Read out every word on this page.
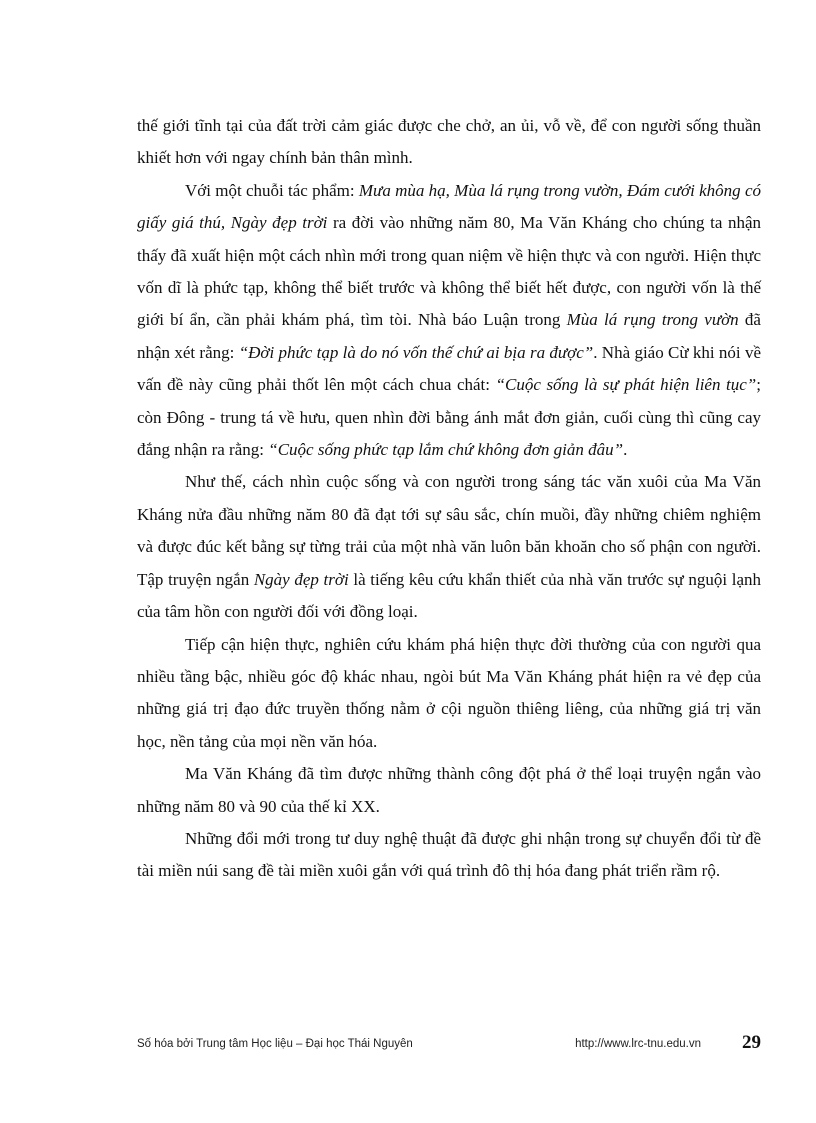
thế giới tĩnh tại của đất trời cảm giác được che chở, an ủi, vỗ về, để con người sống thuần khiết hơn với ngay chính bản thân mình.

Với một chuỗi tác phẩm: Mưa mùa hạ, Mùa lá rụng trong vườn, Đám cưới không có giấy giá thú, Ngày đẹp trời ra đời vào những năm 80, Ma Văn Kháng cho chúng ta nhận thấy đã xuất hiện một cách nhìn mới trong quan niệm về hiện thực và con người. Hiện thực vốn dĩ là phức tạp, không thể biết trước và không thể biết hết được, con người vốn là thế giới bí ẩn, cần phải khám phá, tìm tòi. Nhà báo Luận trong Mùa lá rụng trong vườn đã nhận xét rằng: “Đời phức tạp là do nó vốn thế chứ ai bịa ra được”. Nhà giáo Cừ khi nói về vấn đề này cũng phải thốt lên một cách chua chát: “Cuộc sống là sự phát hiện liên tục”; còn Đông - trung tá về hưu, quen nhìn đời bằng ánh mắt đơn giản, cuối cùng thì cũng cay đắng nhận ra rằng: “Cuộc sống phức tạp lắm chứ không đơn giản đâu”.

Như thế, cách nhìn cuộc sống và con người trong sáng tác văn xuôi của Ma Văn Kháng nửa đầu những năm 80 đã đạt tới sự sâu sắc, chín muồi, đầy những chiêm nghiệm và được đúc kết bằng sự từng trải của một nhà văn luôn băn khoăn cho số phận con người. Tập truyện ngắn Ngày đẹp trời là tiếng kêu cứu khẩn thiết của nhà văn trước sự nguội lạnh của tâm hồn con người đối với đồng loại.

Tiếp cận hiện thực, nghiên cứu khám phá hiện thực đời thường của con người qua nhiều tầng bậc, nhiều góc độ khác nhau, ngòi bút Ma Văn Kháng phát hiện ra vẻ đẹp của những giá trị đạo đức truyền thống nằm ở cội nguồn thiêng liêng, của những giá trị văn học, nền tảng của mọi nền văn hóa.

Ma Văn Kháng đã tìm được những thành công đột phá ở thể loại truyện ngắn vào những năm 80 và 90 của thế kỉ XX.

Những đổi mới trong tư duy nghệ thuật đã được ghi nhận trong sự chuyển đổi từ đề tài miền núi sang đề tài miền xuôi gắn với quá trình đô thị hóa đang phát triển rầm rộ.

Số hóa bởi Trung tâm Học liệu – Đại học Thái Nguyên	http://www.lrc-tnu.edu.vn 29
